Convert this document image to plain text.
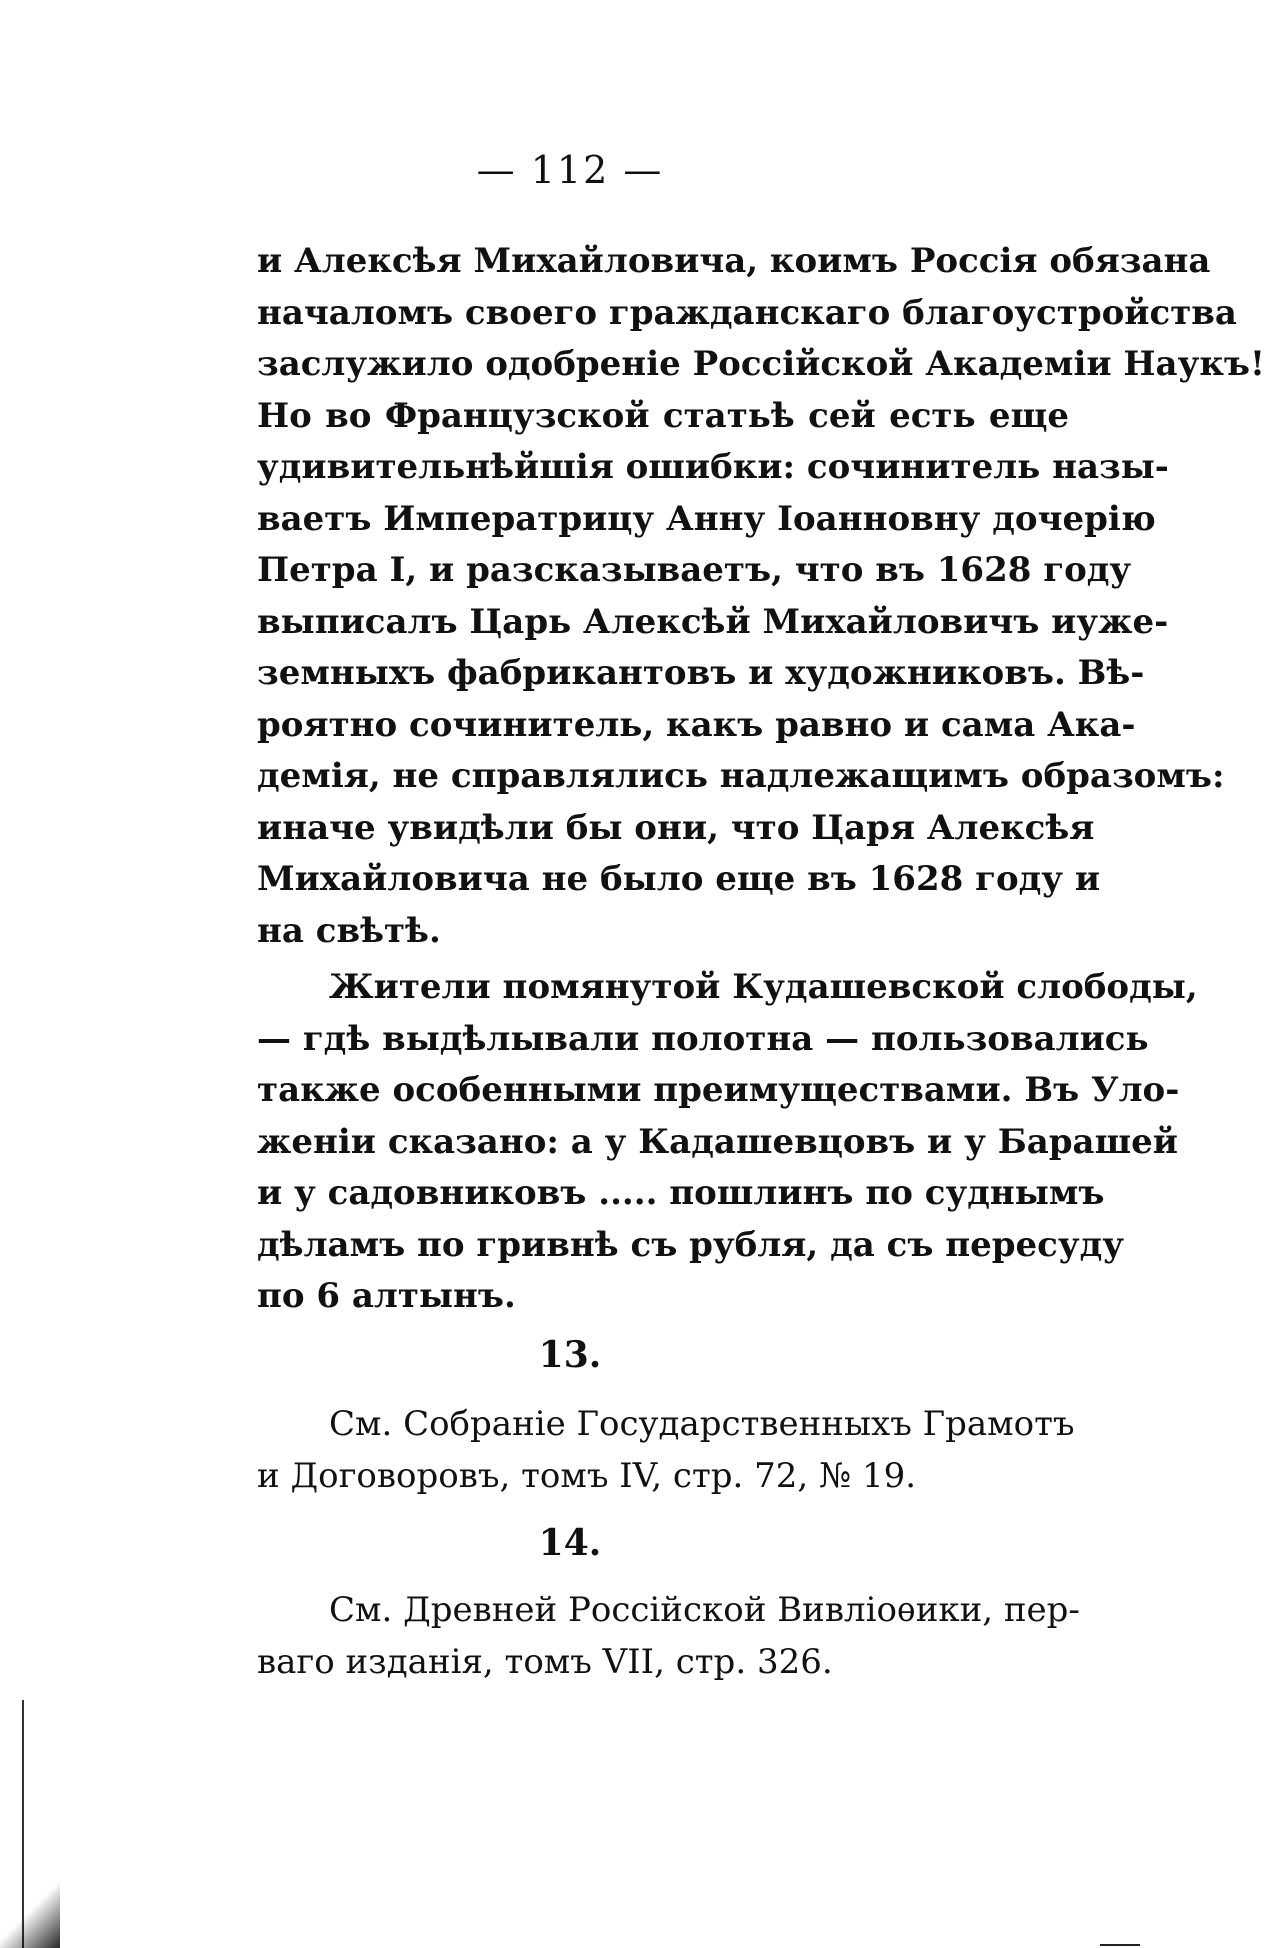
— 112 —
и Алексѣя Михайловича, коимъ Россія обязана
началомъ своего гражданскаго благоустройства
заслужило одобреніе Россійской Академіи Наукъ!
Но во Французской статьѣ сей есть еще
удивительнѣйшія ошибки: сочинитель назы-
ваетъ Императрицу Анну Іоанновну дочерію
Петра I, и разсказываетъ, что въ 1628 году
выписалъ Царь Алексѣй Михайловичъ иуже-
земныхъ фабрикантовъ и художниковъ. Вѣ-
роятно сочинитель, какъ равно и сама Ака-
демія, не справлялись надлежащимъ образомъ:
иначе увидѣли бы они, что Царя Алексѣя
Михайловича не было еще въ 1628 году и
на свѣтѣ.
Жители помянутой Кудашевской слободы,
— гдѣ выдѣлывали полотна — пользовались
также особенными преимуществами. Въ Уло-
женіи сказано: а у Кадашевцовъ и у Барашей
и у садовниковъ ..... пошлинъ по суднымъ
дѣламъ по гривнѣ съ рубля, да съ пересуду
по 6 алтынъ.
13.
См. Собраніе Государственныхъ Грамотъ
и Договоровъ, томъ IV, стр. 72, № 19.
14.
См. Древней Россійской Вивліоѳики, пер-
ваго изданія, томъ VII, стр. 326.
